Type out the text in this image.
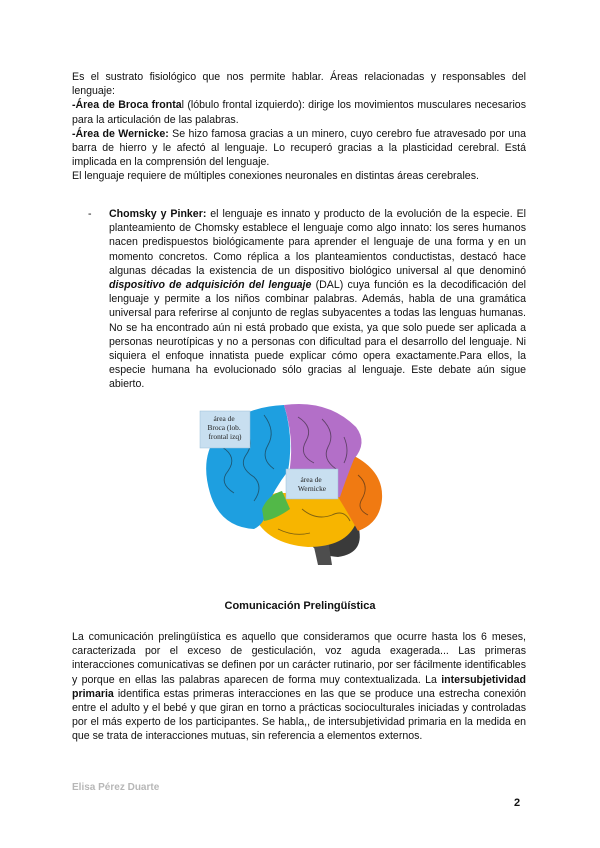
Es el sustrato fisiológico que nos permite hablar. Áreas relacionadas y responsables del lenguaje:
-Área de Broca frontal (lóbulo frontal izquierdo): dirige los movimientos musculares necesarios para la articulación de las palabras.
-Área de Wernicke: Se hizo famosa gracias a un minero, cuyo cerebro fue atravesado por una barra de hierro y le afectó al lenguaje. Lo recuperó gracias a la plasticidad cerebral. Está implicada en la comprensión del lenguaje.
El lenguaje requiere de múltiples conexiones neuronales en distintas áreas cerebrales.
- Chomsky y Pinker: el lenguaje es innato y producto de la evolución de la especie. El planteamiento de Chomsky establece el lenguaje como algo innato: los seres humanos nacen predispuestos biológicamente para aprender el lenguaje de una forma y en un momento concretos. Como réplica a los planteamientos conductistas, destacó hace algunas décadas la existencia de un dispositivo biológico universal al que denominó dispositivo de adquisición del lenguaje (DAL) cuya función es la decodificación del lenguaje y permite a los niños combinar palabras. Además, habla de una gramática universal para referirse al conjunto de reglas subyacentes a todas las lenguas humanas. No se ha encontrado aún ni está probado que exista, ya que solo puede ser aplicada a personas neurotípicas y no a personas con dificultad para el desarrollo del lenguaje. Ni siquiera el enfoque innatista puede explicar cómo opera exactamente.Para ellos, la especie humana ha evolucionado sólo gracias al lenguaje. Este debate aún sigue abierto.
área de Broca (lob. frontal izq)
área de Wernicke
Comunicación Prelingüística
La comunicación prelingüística es aquello que consideramos que ocurre hasta los 6 meses, caracterizada por el exceso de gesticulación, voz aguda exagerada... Las primeras interacciones comunicativas se definen por un carácter rutinario, por ser fácilmente identificables y porque en ellas las palabras aparecen de forma muy contextualizada. La intersubjetividad primaria identifica estas primeras interacciones en las que se produce una estrecha conexión entre el adulto y el bebé y que giran en torno a prácticas socioculturales iniciadas y controladas por el más experto de los participantes. Se habla,, de intersubjetividad primaria en la medida en que se trata de interacciones mutuas, sin referencia a elementos externos.
Elisa Pérez Duarte
2
